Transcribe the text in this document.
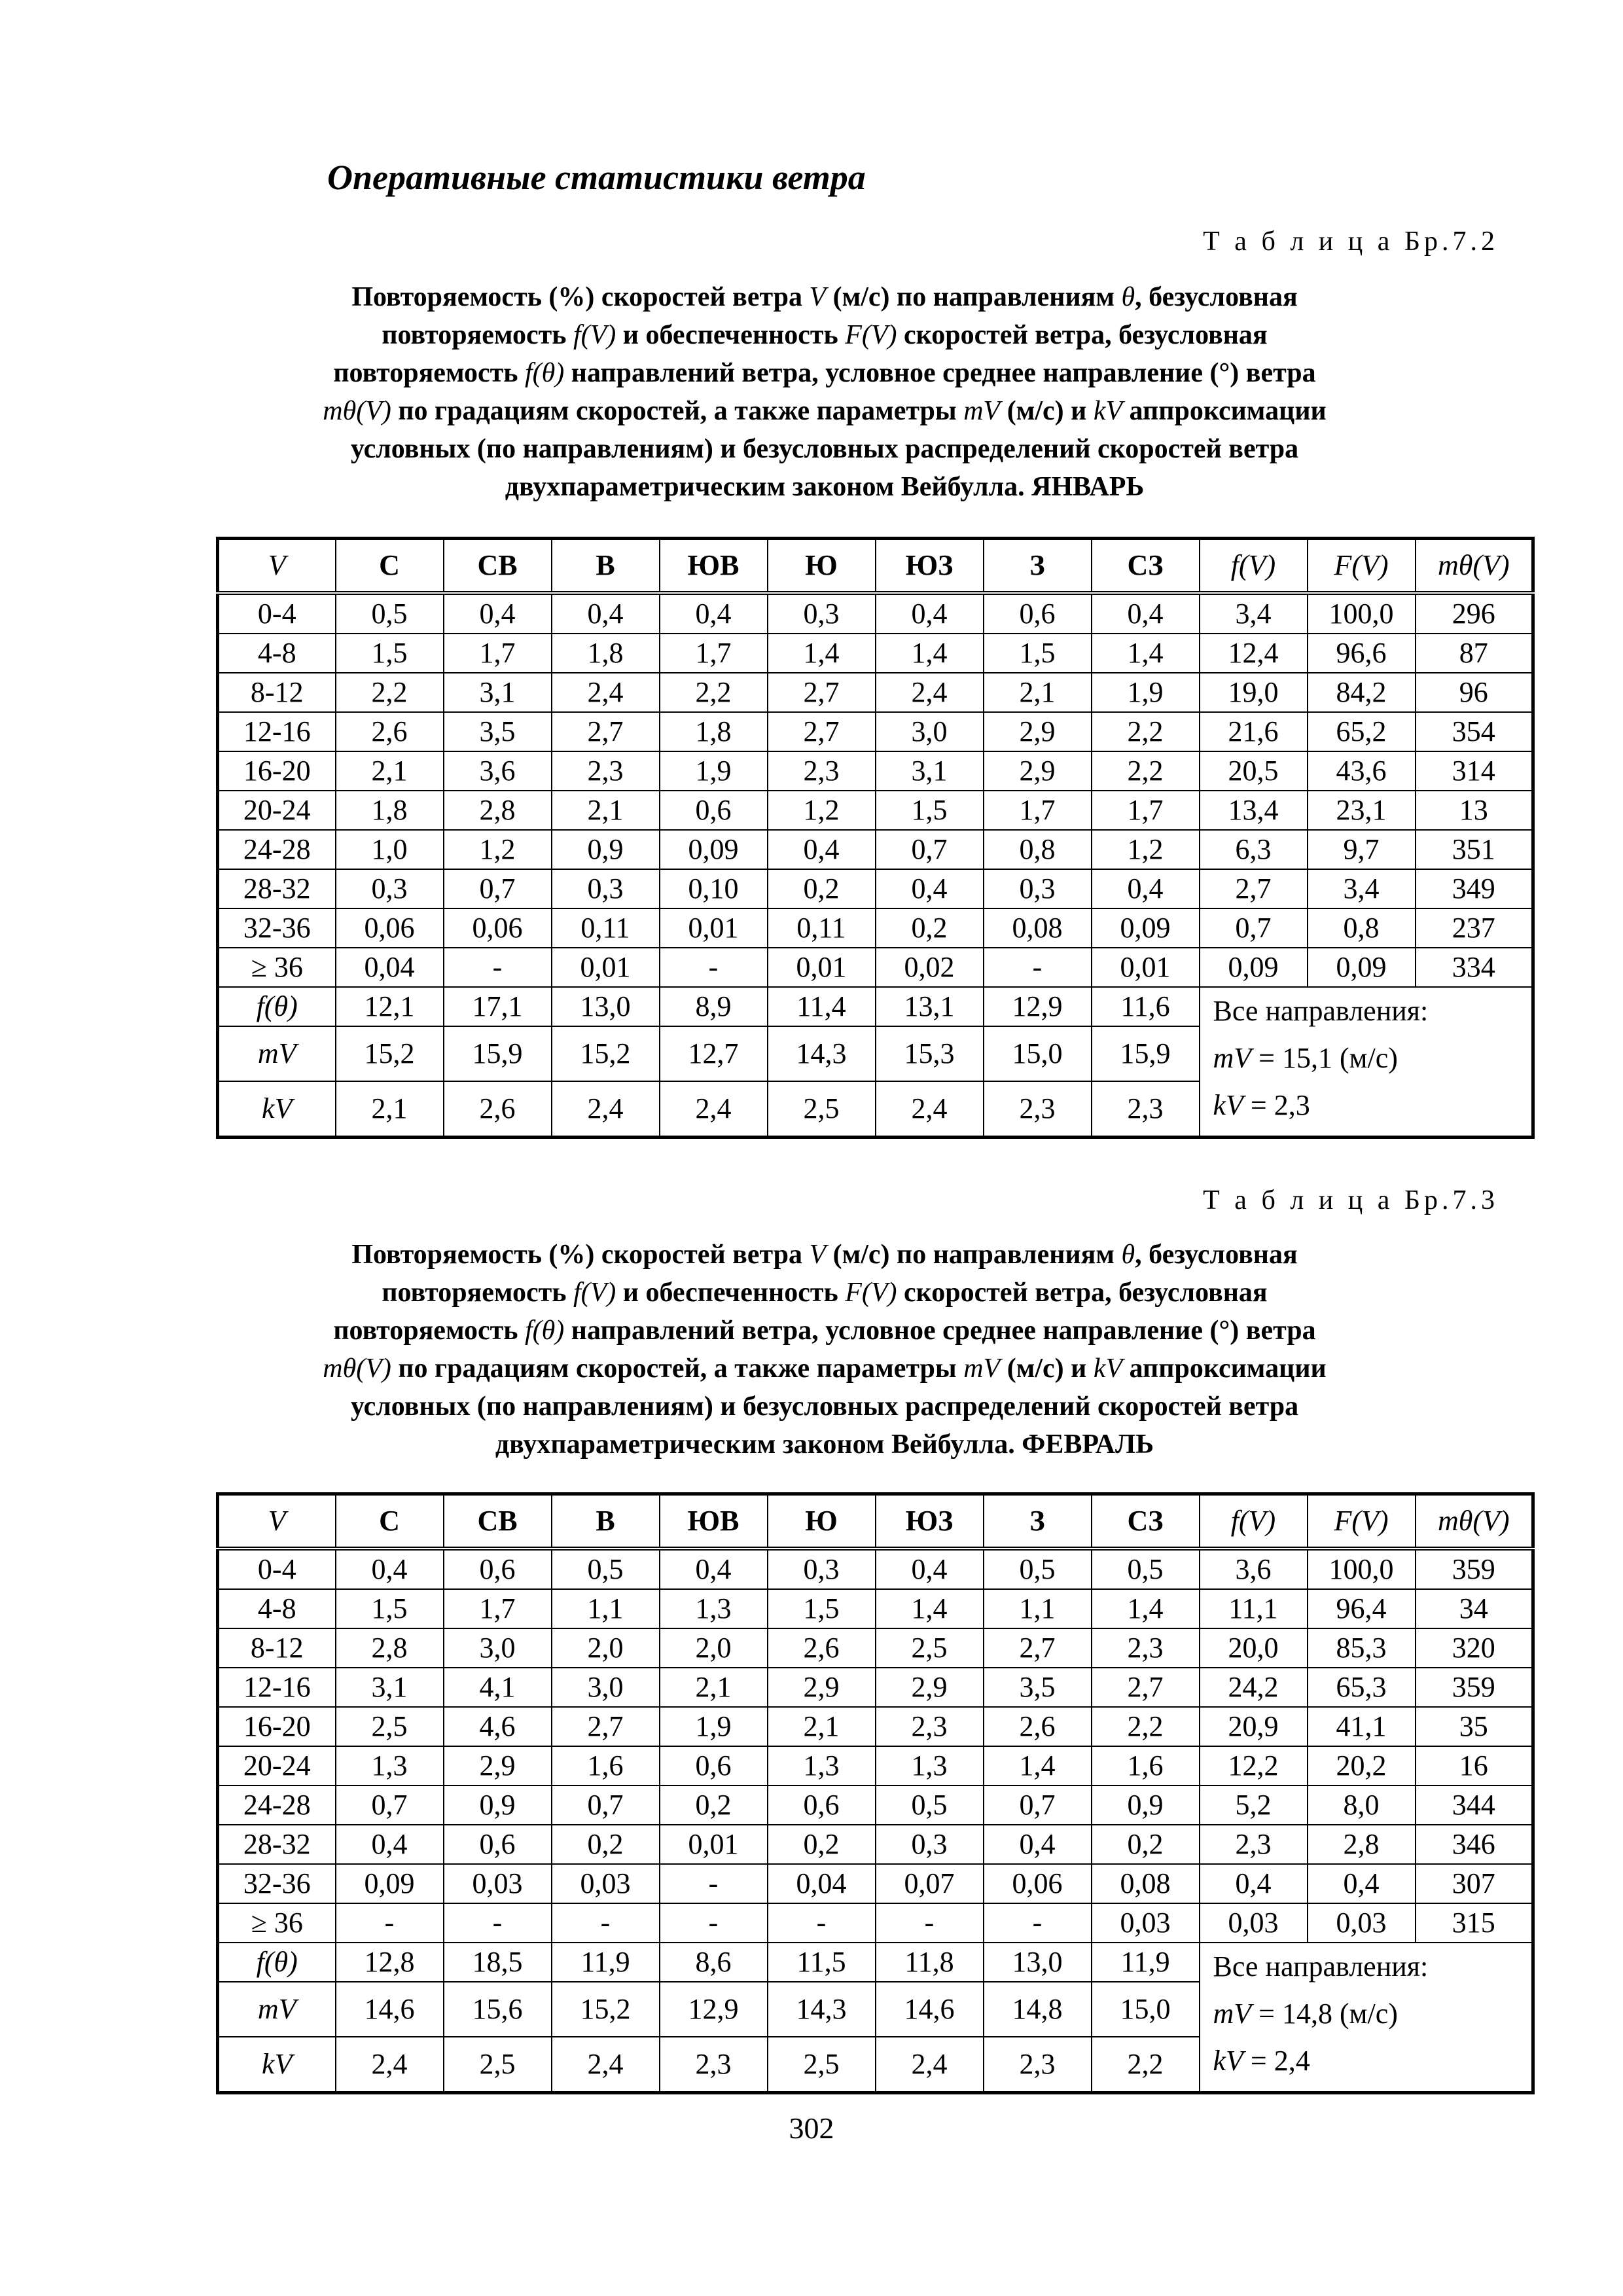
Оперативные статистики ветра

Т а б л и ц а Бр.7.2

Повторяемость (%) скоростей ветра V (м/с) по направлениям θ, безусловная
повторяемость f(V) и обеспеченность F(V) скоростей ветра, безусловная
повторяемость f(θ) направлений ветра, условное среднее направление (°) ветра
mθ(V) по градациям скоростей, а также параметры mV (м/с) и kV аппроксимации
условных (по направлениям) и безусловных распределений скоростей ветра
двухпараметрическим законом Вейбулла. ЯНВАРЬ
V	С	СВ	В	ЮВ	Ю	ЮЗ	З	СЗ	f(V)	F(V)	mθ(V)
0-4	0,5	0,4	0,4	0,4	0,3	0,4	0,6	0,4	3,4	100,0	296
4-8	1,5	1,7	1,8	1,7	1,4	1,4	1,5	1,4	12,4	96,6	87
8-12	2,2	3,1	2,4	2,2	2,7	2,4	2,1	1,9	19,0	84,2	96
12-16	2,6	3,5	2,7	1,8	2,7	3,0	2,9	2,2	21,6	65,2	354
16-20	2,1	3,6	2,3	1,9	2,3	3,1	2,9	2,2	20,5	43,6	314
20-24	1,8	2,8	2,1	0,6	1,2	1,5	1,7	1,7	13,4	23,1	13
24-28	1,0	1,2	0,9	0,09	0,4	0,7	0,8	1,2	6,3	9,7	351
28-32	0,3	0,7	0,3	0,10	0,2	0,4	0,3	0,4	2,7	3,4	349
32-36	0,06	0,06	0,11	0,01	0,11	0,2	0,08	0,09	0,7	0,8	237
≥ 36	0,04	-	0,01	-	0,01	0,02	-	0,01	0,09	0,09	334
f(θ)	12,1	17,1	13,0	8,9	11,4	13,1	12,9	11,6	Все направления:
mV = 15,1 (м/с)
kV = 2,3		

mV	15,2	15,9	15,2	12,7	14,3	15,3	15,0	15,9			
kV	2,1	2,6	2,4	2,4	2,5	2,4	2,3	2,3			

Т а б л и ц а Бр.7.3

Повторяемость (%) скоростей ветра V (м/с) по направлениям θ, безусловная
повторяемость f(V) и обеспеченность F(V) скоростей ветра, безусловная
повторяемость f(θ) направлений ветра, условное среднее направление (°) ветра
mθ(V) по градациям скоростей, а также параметры mV (м/с) и kV аппроксимации
условных (по направлениям) и безусловных распределений скоростей ветра
двухпараметрическим законом Вейбулла. ФЕВРАЛЬ
V	С	СВ	В	ЮВ	Ю	ЮЗ	З	СЗ	f(V)	F(V)	mθ(V)
0-4	0,4	0,6	0,5	0,4	0,3	0,4	0,5	0,5	3,6	100,0	359
4-8	1,5	1,7	1,1	1,3	1,5	1,4	1,1	1,4	11,1	96,4	34
8-12	2,8	3,0	2,0	2,0	2,6	2,5	2,7	2,3	20,0	85,3	320
12-16	3,1	4,1	3,0	2,1	2,9	2,9	3,5	2,7	24,2	65,3	359
16-20	2,5	4,6	2,7	1,9	2,1	2,3	2,6	2,2	20,9	41,1	35
20-24	1,3	2,9	1,6	0,6	1,3	1,3	1,4	1,6	12,2	20,2	16
24-28	0,7	0,9	0,7	0,2	0,6	0,5	0,7	0,9	5,2	8,0	344
28-32	0,4	0,6	0,2	0,01	0,2	0,3	0,4	0,2	2,3	2,8	346
32-36	0,09	0,03	0,03	-	0,04	0,07	0,06	0,08	0,4	0,4	307
≥ 36	-	-	-	-	-	-	-	0,03	0,03	0,03	315
f(θ)	12,8	18,5	11,9	8,6	11,5	11,8	13,0	11,9	Все направления:
mV = 14,8 (м/с)
kV = 2,4		

mV	14,6	15,6	15,2	12,9	14,3	14,6	14,8	15,0			
kV	2,4	2,5	2,4	2,3	2,5	2,4	2,3	2,2			

302
